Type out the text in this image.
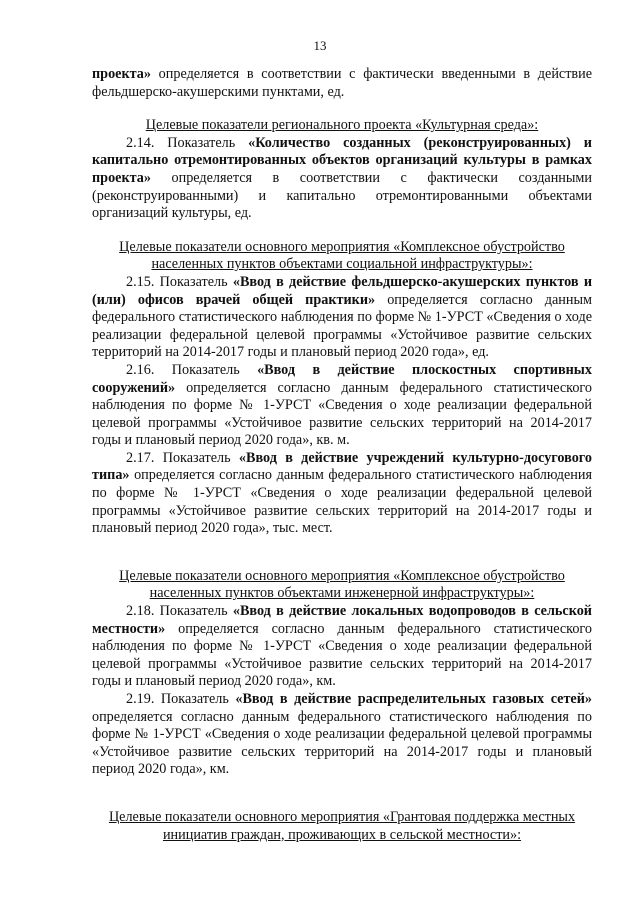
13

проекта» определяется в соответствии с фактически введенными в действие фельдшерско-акушерскими пунктами, ед.

Целевые показатели регионального проекта «Культурная среда»:

2.14. Показатель «Количество созданных (реконструированных) и капитально отремонтированных объектов организаций культуры в рамках проекта» определяется в соответствии с фактически созданными (реконструированными) и капитально отремонтированными объектами организаций культуры, ед.

Целевые показатели основного мероприятия «Комплексное обустройство населенных пунктов объектами социальной инфраструктуры»:

2.15. Показатель «Ввод в действие фельдшерско-акушерских пунктов и (или) офисов врачей общей практики» определяется согласно данным федерального статистического наблюдения по форме № 1-УРСТ «Сведения о ходе реализации федеральной целевой программы «Устойчивое развитие сельских территорий на 2014-2017 годы и плановый период 2020 года», ед.

2.16. Показатель «Ввод в действие плоскостных спортивных сооружений» определяется согласно данным федерального статистического наблюдения по форме № 1-УРСТ «Сведения о ходе реализации федеральной целевой программы «Устойчивое развитие сельских территорий на 2014-2017 годы и плановый период 2020 года», кв. м.

2.17. Показатель «Ввод в действие учреждений культурно-досугового типа» определяется согласно данным федерального статистического наблюдения по форме № 1-УРСТ «Сведения о ходе реализации федеральной целевой программы «Устойчивое развитие сельских территорий на 2014-2017 годы и плановый период 2020 года», тыс. мест.

Целевые показатели основного мероприятия «Комплексное обустройство населенных пунктов объектами инженерной инфраструктуры»:

2.18. Показатель «Ввод в действие локальных водопроводов в сельской местности» определяется согласно данным федерального статистического наблюдения по форме № 1-УРСТ «Сведения о ходе реализации федеральной целевой программы «Устойчивое развитие сельских территорий на 2014-2017 годы и плановый период 2020 года», км.

2.19. Показатель «Ввод в действие распределительных газовых сетей» определяется согласно данным федерального статистического наблюдения по форме № 1-УРСТ «Сведения о ходе реализации федеральной целевой программы «Устойчивое развитие сельских территорий на 2014-2017 годы и плановый период 2020 года», км.

Целевые показатели основного мероприятия «Грантовая поддержка местных инициатив граждан, проживающих в сельской местности»:
